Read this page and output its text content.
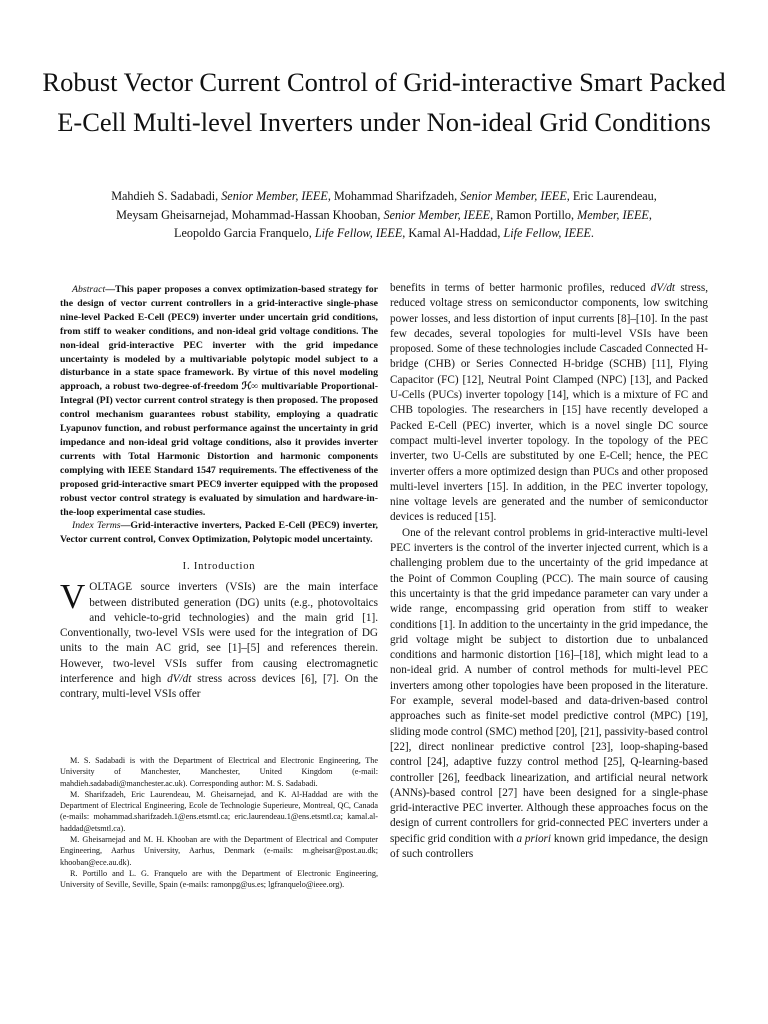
Robust Vector Current Control of Grid-interactive Smart Packed E-Cell Multi-level Inverters under Non-ideal Grid Conditions
Mahdieh S. Sadabadi, Senior Member, IEEE, Mohammad Sharifzadeh, Senior Member, IEEE, Eric Laurendeau,
Meysam Gheisarnejad, Mohammad-Hassan Khooban, Senior Member, IEEE, Ramon Portillo, Member, IEEE,
Leopoldo Garcia Franquelo, Life Fellow, IEEE, Kamal Al-Haddad, Life Fellow, IEEE.

Abstract—This paper proposes a convex optimization-based strategy for the design of vector current controllers in a grid-interactive single-phase nine-level Packed E-Cell (PEC9) inverter under uncertain grid conditions, from stiff to weaker conditions, and non-ideal grid voltage conditions. The non-ideal grid-interactive PEC inverter with the grid impedance uncertainty is modeled by a multivariable polytopic model subject to a disturbance in a state space framework. By virtue of this novel modeling approach, a robust two-degree-of-freedom ℋ∞ multivariable Proportional-Integral (PI) vector current control strategy is then proposed. The proposed control mechanism guarantees robust stability, employing a quadratic Lyapunov function, and robust performance against the uncertainty in grid impedance and non-ideal grid voltage conditions, also it provides inverter currents with Total Harmonic Distortion and harmonic components complying with IEEE Standard 1547 requirements. The effectiveness of the proposed grid-interactive smart PEC9 inverter equipped with the proposed robust vector control strategy is evaluated by simulation and hardware-in-the-loop experimental case studies.

Index Terms—Grid-interactive inverters, Packed E-Cell (PEC9) inverter, Vector current control, Convex Optimization, Polytopic model uncertainty.

I. Introduction

VOLTAGE source inverters (VSIs) are the main interface between distributed generation (DG) units (e.g., photovoltaics and vehicle-to-grid technologies) and the main grid [1]. Conventionally, two-level VSIs were used for the integration of DG units to the main AC grid, see [1]–[5] and references therein. However, two-level VSIs suffer from causing electromagnetic interference and high dV/dt stress across devices [6], [7]. On the contrary, multi-level VSIs offer

M. S. Sadabadi is with the Department of Electrical and Electronic Engineering, The University of Manchester, Manchester, United Kingdom (e-mail: mahdieh.sadabadi@manchester.ac.uk). Corresponding author: M. S. Sadabadi.

M. Sharifzadeh, Eric Laurendeau, M. Gheisarnejad, and K. Al-Haddad are with the Department of Electrical Engineering, Ecole de Technologie Superieure, Montreal, QC, Canada (e-mails: mohammad.sharifzadeh.1@ens.etsmtl.ca; eric.laurendeau.1@ens.etsmtl.ca; kamal.al-haddad@etsmtl.ca).

M. Gheisarnejad and M. H. Khooban are with the Department of Electrical and Computer Engineering, Aarhus University, Aarhus, Denmark (e-mails: m.gheisar@post.au.dk; khooban@ece.au.dk).

R. Portillo and L. G. Franquelo are with the Department of Electronic Engineering, University of Seville, Seville, Spain (e-mails: ramonpg@us.es; lgfranquelo@ieee.org).

benefits in terms of better harmonic profiles, reduced dV/dt stress, reduced voltage stress on semiconductor components, low switching power losses, and less distortion of input currents [8]–[10]. In the past few decades, several topologies for multi-level VSIs have been proposed. Some of these technologies include Cascaded Connected H-bridge (CHB) or Series Connected H-bridge (SCHB) [11], Flying Capacitor (FC) [12], Neutral Point Clamped (NPC) [13], and Packed U-Cells (PUCs) inverter topology [14], which is a mixture of FC and CHB topologies. The researchers in [15] have recently developed a Packed E-Cell (PEC) inverter, which is a novel single DC source compact multi-level inverter topology. In the topology of the PEC inverter, two U-Cells are substituted by one E-Cell; hence, the PEC inverter offers a more optimized design than PUCs and other proposed multi-level inverters [15]. In addition, in the PEC inverter topology, nine voltage levels are generated and the number of semiconductor devices is reduced [15].

One of the relevant control problems in grid-interactive multi-level PEC inverters is the control of the inverter injected current, which is a challenging problem due to the uncertainty of the grid impedance at the Point of Common Coupling (PCC). The main source of causing this uncertainty is that the grid impedance parameter can vary under a wide range, encompassing grid operation from stiff to weaker conditions [1]. In addition to the uncertainty in the grid impedance, the grid voltage might be subject to distortion due to unbalanced conditions and harmonic distortion [16]–[18], which might lead to a non-ideal grid. A number of control methods for multi-level PEC inverters among other topologies have been proposed in the literature. For example, several model-based and data-driven-based control approaches such as finite-set model predictive control (MPC) [19], sliding mode control (SMC) method [20], [21], passivity-based control [22], direct nonlinear predictive control [23], loop-shaping-based control [24], adaptive fuzzy control method [25], Q-learning-based controller [26], feedback linearization, and artificial neural network (ANNs)-based control [27] have been designed for a single-phase grid-interactive PEC inverter. Although these approaches focus on the design of current controllers for grid-connected PEC inverters under a specific grid condition with a priori known grid impedance, the design of such controllers
